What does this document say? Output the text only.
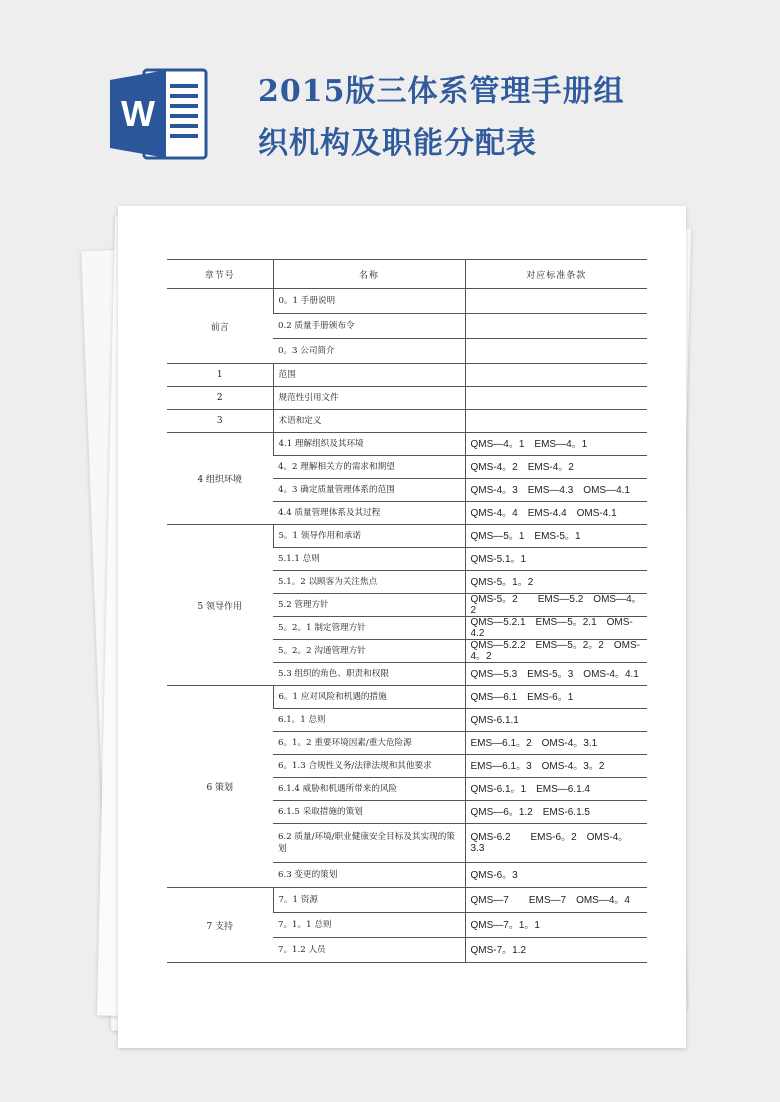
W
2015版三体系管理手册组织机构及职能分配表
章节号	名称	对应标准条款
前言	0。1 手册说明	
	0.2 质量手册颁布令	
	0。3 公司简介	
1	范围	
2	规范性引用文件	
3	术语和定义	
4 组织环境	4.1 理解组织及其环境	QMS—4。1　EMS—4。1
	4。2 理解相关方的需求和期望	QMS-4。2　EMS-4。2
	4。3 确定质量管理体系的范围	QMS-4。3　EMS—4.3　OMS—4.1
	4.4 质量管理体系及其过程	QMS-4。4　EMS-4.4　OMS-4.1
5 领导作用	5。1 领导作用和承诺	QMS—5。1　EMS-5。1
	5.1.1 总则	QMS-5.1。1
	5.1。2 以顾客为关注焦点	QMS-5。1。2
	5.2 管理方针	QMS-5。2　　EMS—5.2　OMS—4。2
	5。2。1 制定管理方针	QMS—5.2.1　EMS—5。2.1　OMS-4.2
	5。2。2 沟通管理方针	QMS—5.2.2　EMS—5。2。2　OMS-4。2
	5.3 组织的角色、职责和权限	QMS—5.3　EMS-5。3　OMS-4。4.1
6 策划	6。1 应对风险和机遇的措施	QMS—6.1　EMS-6。1
	6.1。1 总则	QMS-6.1.1
	6。1。2 重要环境因素/重大危险源	EMS—6.1。2　OMS-4。3.1
	6。1.3 合规性义务/法律法规和其他要求	EMS—6.1。3　OMS-4。3。2
	6.1.4 威胁和机遇所带来的风险	QMS-6.1。1　EMS—6.1.4
	6.1.5 采取措施的策划	QMS—6。1.2　EMS-6.1.5
	6.2 质量/环境/职业健康安全目标及其实现的策划	QMS-6.2　　EMS-6。2　OMS-4。3.3
	6.3 变更的策划	QMS-6。3
7 支持	7。1 资源	QMS—7　　EMS—7　OMS—4。4
	7。1。1 总则	QMS—7。1。1
	7。1.2 人员	QMS-7。1.2
